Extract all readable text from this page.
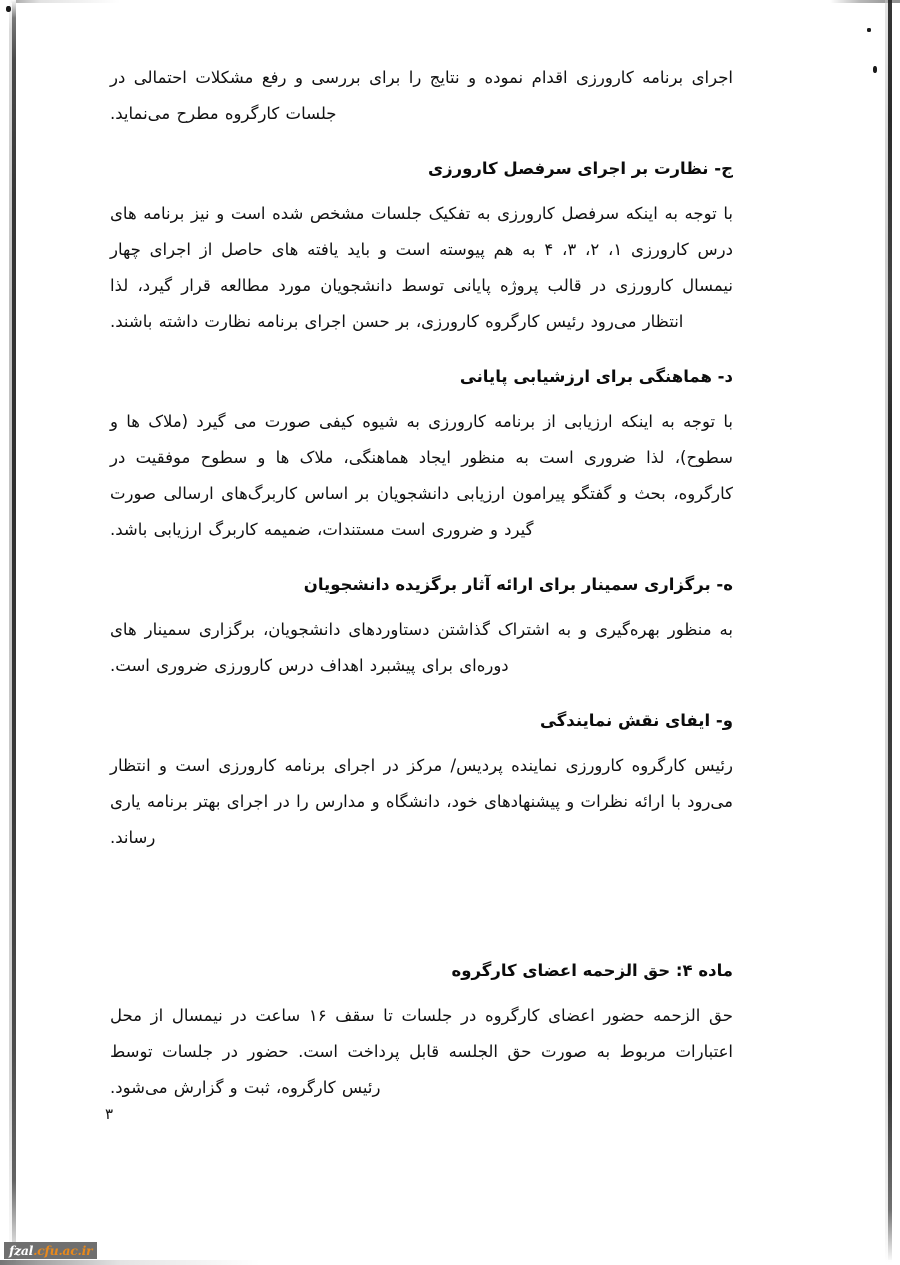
اجرای برنامه کارورزی اقدام نموده و نتایج را برای بررسی و رفع مشکلات احتمالی در جلسات کارگروه مطرح می‌نماید.

ج- نظارت بر اجرای سرفصل کارورزی

با توجه به اینکه سرفصل کارورزی به تفکیک جلسات مشخص شده است و نیز برنامه های درس کارورزی ۱، ۲، ۳، ۴ به هم پیوسته است و باید یافته های حاصل از اجرای چهار نیمسال کارورزی در قالب پروژه پایانی توسط دانشجویان مورد مطالعه قرار گیرد، لذا انتظار می‌رود رئیس کارگروه کارورزی، بر حسن اجرای برنامه نظارت داشته باشند.

د- هماهنگی برای ارزشیابی پایانی

با توجه به اینکه ارزیابی از برنامه کارورزی به شیوه کیفی صورت می گیرد (ملاک ها و سطوح)، لذا ضروری است به منظور ایجاد هماهنگی، ملاک ها و سطوح موفقیت در کارگروه، بحث و گفتگو پیرامون ارزیابی دانشجویان بر اساس کاربرگ‌های ارسالی صورت گیرد و ضروری است مستندات، ضمیمه کاربرگ ارزیابی باشد.

ه- برگزاری سمینار برای ارائه آثار برگزیده دانشجویان

به منظور بهره‌گیری و به اشتراک گذاشتن دستاوردهای دانشجویان، برگزاری سمینار های دوره‌ای برای پیشبرد اهداف درس کارورزی ضروری است.

و- ایفای نقش نمایندگی

رئیس کارگروه کارورزی نماینده پردیس/ مرکز در اجرای برنامه کارورزی است و انتظار می‌رود با ارائه نظرات و پیشنهادهای خود، دانشگاه و مدارس را در اجرای بهتر برنامه یاری رساند.

ماده ۴: حق الزحمه اعضای کارگروه

حق الزحمه حضور اعضای کارگروه در جلسات تا سقف ۱۶ ساعت در نیمسال از محل اعتبارات مربوط به صورت حق الجلسه قابل پرداخت است. حضور در جلسات توسط رئیس کارگروه، ثبت و گزارش می‌شود.

۳
fzal .cfu.ac.ir
